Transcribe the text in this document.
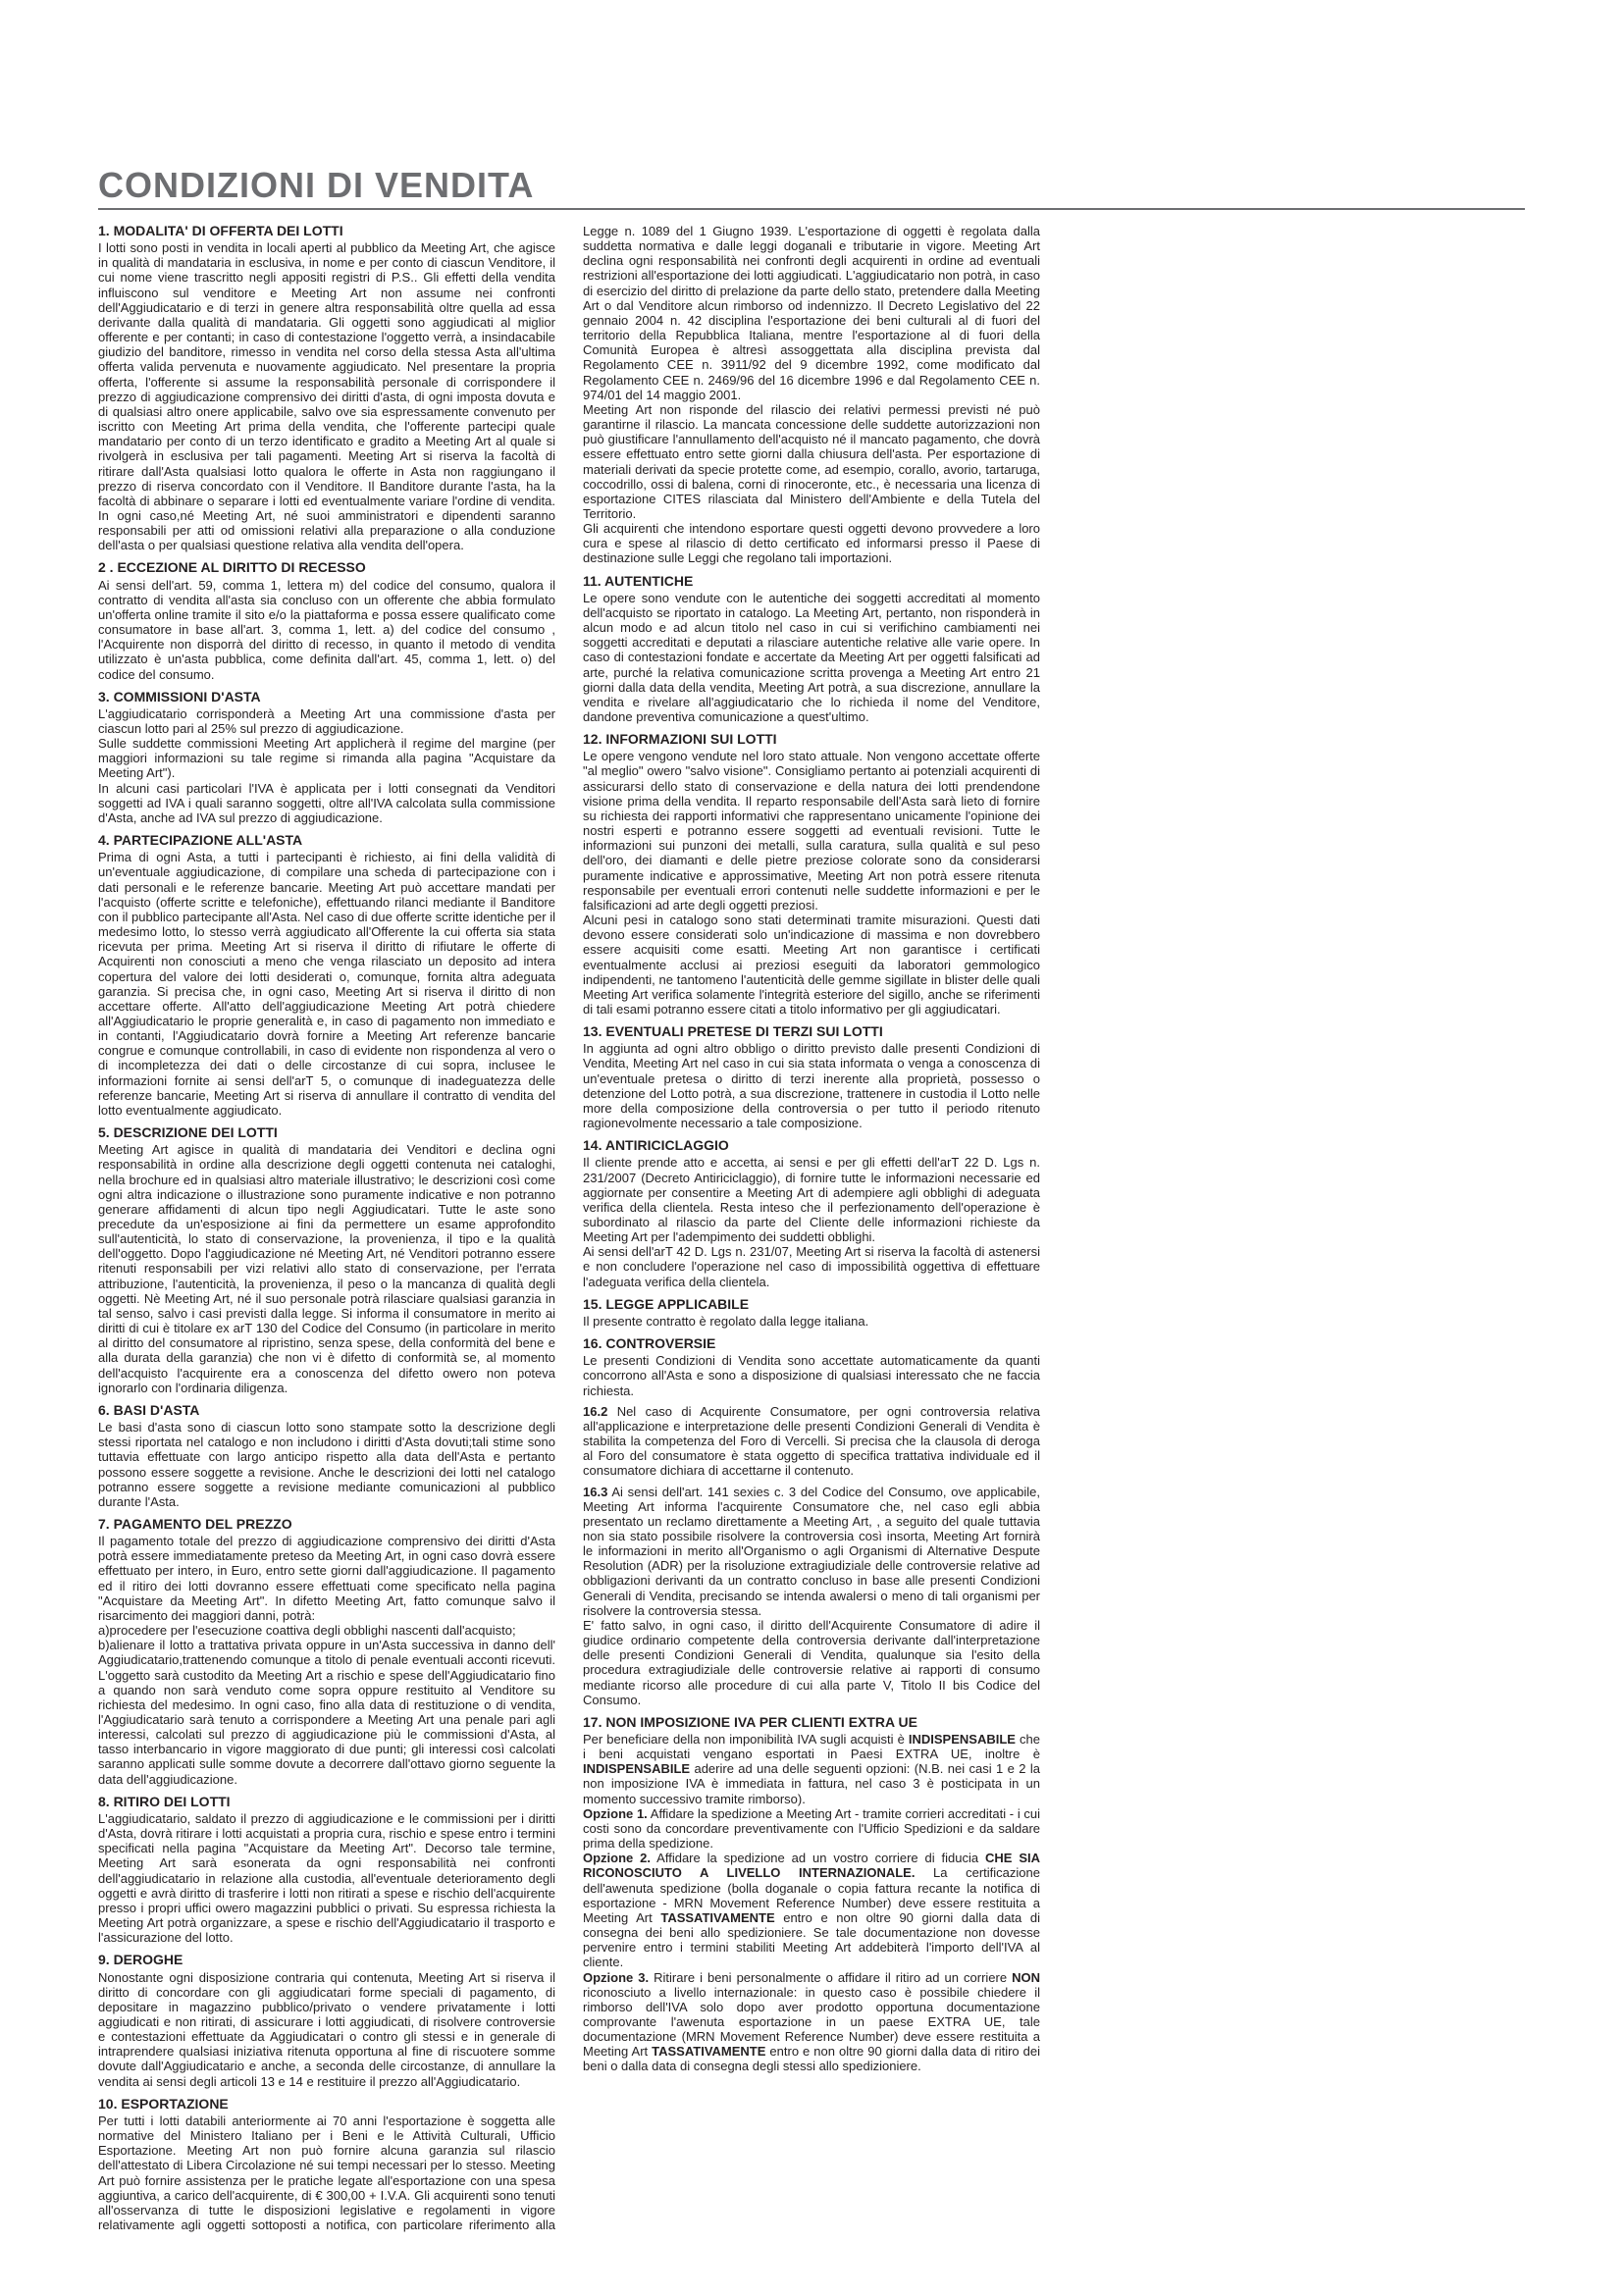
CONDIZIONI DI VENDITA
1. MODALITA' DI OFFERTA DEI LOTTI

I lotti sono posti in vendita in locali aperti al pubblico da Meeting Art, che agisce in qualità di mandataria in esclusiva, in nome e per conto di ciascun Venditore, il cui nome viene trascritto negli appositi registri di P.S.. Gli effetti della vendita influiscono sul venditore e Meeting Art non assume nei confronti dell'Aggiudicatario e di terzi in genere altra responsabilità oltre quella ad essa derivante dalla qualità di mandataria. Gli oggetti sono aggiudicati al miglior offerente e per contanti; in caso di contestazione l'oggetto verrà, a insindacabile giudizio del banditore, rimesso in vendita nel corso della stessa Asta all'ultima offerta valida pervenuta e nuovamente aggiudicato. Nel presentare la propria offerta, l'offerente si assume la responsabilità personale di corrispondere il prezzo di aggiudicazione comprensivo dei diritti d'asta, di ogni imposta dovuta e di qualsiasi altro onere applicabile, salvo ove sia espressamente convenuto per iscritto con Meeting Art prima della vendita, che l'offerente partecipi quale mandatario per conto di un terzo identificato e gradito a Meeting Art al quale si rivolgerà in esclusiva per tali pagamenti. Meeting Art si riserva la facoltà di ritirare dall'Asta qualsiasi lotto qualora le offerte in Asta non raggiungano il prezzo di riserva concordato con il Venditore. Il Banditore durante l'asta, ha la facoltà di abbinare o separare i lotti ed eventualmente variare l'ordine di vendita. In ogni caso,né Meeting Art, né suoi amministratori e dipendenti saranno responsabili per atti od omissioni relativi alla preparazione o alla conduzione dell'asta o per qualsiasi questione relativa alla vendita dell'opera.

2 . ECCEZIONE AL DIRITTO DI RECESSO

Ai sensi dell'art. 59, comma 1, lettera m) del codice del consumo, qualora il contratto di vendita all'asta sia concluso con un offerente che abbia formulato un'offerta online tramite il sito e/o la piattaforma e possa essere qualificato come consumatore in base all'art. 3, comma 1, lett. a) del codice del consumo , l'Acquirente non disporrà del diritto di recesso, in quanto il metodo di vendita utilizzato è un'asta pubblica, come definita dall'art. 45, comma 1, lett. o) del codice del consumo.

3. COMMISSIONI D'ASTA

L'aggiudicatario corrisponderà a Meeting Art una commissione d'asta per ciascun lotto pari al 25% sul prezzo di aggiudicazione.

Sulle suddette commissioni Meeting Art applicherà il regime del margine (per maggiori informazioni su tale regime si rimanda alla pagina "Acquistare da Meeting Art").

In alcuni casi particolari l'IVA è applicata per i lotti consegnati da Venditori soggetti ad IVA i quali saranno soggetti, oltre all'IVA calcolata sulla commissione d'Asta, anche ad IVA sul prezzo di aggiudicazione.

4. PARTECIPAZIONE ALL'ASTA

Prima di ogni Asta, a tutti i partecipanti è richiesto, ai fini della validità di un'eventuale aggiudicazione, di compilare una scheda di partecipazione con i dati personali e le referenze bancarie. Meeting Art può accettare mandati per l'acquisto (offerte scritte e telefoniche), effettuando rilanci mediante il Banditore con il pubblico partecipante all'Asta. Nel caso di due offerte scritte identiche per il medesimo lotto, lo stesso verrà aggiudicato all'Offerente la cui offerta sia stata ricevuta per prima. Meeting Art si riserva il diritto di rifiutare le offerte di Acquirenti non conosciuti a meno che venga rilasciato un deposito ad intera copertura del valore dei lotti desiderati o, comunque, fornita altra adeguata garanzia. Si precisa che, in ogni caso, Meeting Art si riserva il diritto di non accettare offerte. All'atto dell'aggiudicazione Meeting Art potrà chiedere all'Aggiudicatario le proprie generalità e, in caso di pagamento non immediato e in contanti, l'Aggiudicatario dovrà fornire a Meeting Art referenze bancarie congrue e comunque controllabili, in caso di evidente non rispondenza al vero o di incompletezza dei dati o delle circostanze di cui sopra, inclusee le informazioni fornite ai sensi dell'arT 5, o comunque di inadeguatezza delle referenze bancarie, Meeting Art si riserva di annullare il contratto di vendita del lotto eventualmente aggiudicato.

5. DESCRIZIONE DEI LOTTI

Meeting Art agisce in qualità di mandataria dei Venditori e declina ogni responsabilità in ordine alla descrizione degli oggetti contenuta nei cataloghi, nella brochure ed in qualsiasi altro materiale illustrativo; le descrizioni così come ogni altra indicazione o illustrazione sono puramente indicative e non potranno generare affidamenti di alcun tipo negli Aggiudicatari. Tutte le aste sono precedute da un'esposizione ai fini da permettere un esame approfondito sull'autenticità, lo stato di conservazione, la provenienza, il tipo e la qualità dell'oggetto. Dopo l'aggiudicazione né Meeting Art, né Venditori potranno essere ritenuti responsabili per vizi relativi allo stato di conservazione, per l'errata attribuzione, l'autenticità, la provenienza, il peso o la mancanza di qualità degli oggetti. Nè Meeting Art, né il suo personale potrà rilasciare qualsiasi garanzia in tal senso, salvo i casi previsti dalla legge. Si informa il consumatore in merito ai diritti di cui è titolare ex arT 130 del Codice del Consumo (in particolare in merito al diritto del consumatore al ripristino, senza spese, della conformità del bene e alla durata della garanzia) che non vi è difetto di conformità se, al momento dell'acquisto l'acquirente era a conoscenza del difetto owero non poteva ignorarlo con l'ordinaria diligenza.

6. BASI D'ASTA

Le basi d'asta sono di ciascun lotto sono stampate sotto la descrizione degli stessi riportata nel catalogo e non includono i diritti d'Asta dovuti;tali stime sono tuttavia effettuate con largo anticipo rispetto alla data dell'Asta e pertanto possono essere soggette a revisione. Anche le descrizioni dei lotti nel catalogo potranno essere soggette a revisione mediante comunicazioni al pubblico durante l'Asta.

7. PAGAMENTO DEL PREZZO

Il pagamento totale del prezzo di aggiudicazione comprensivo dei diritti d'Asta potrà essere immediatamente preteso da Meeting Art, in ogni caso dovrà essere effettuato per intero, in Euro, entro sette giorni dall'aggiudicazione. Il pagamento ed il ritiro dei lotti dovranno essere effettuati come specificato nella pagina "Acquistare da Meeting Art". In difetto Meeting Art, fatto comunque salvo il risarcimento dei maggiori danni, potrà:

a)procedere per l'esecuzione coattiva degli obblighi nascenti dall'acquisto;

b)alienare il lotto a trattativa privata oppure in un'Asta successiva in danno dell' Aggiudicatario,trattenendo comunque a titolo di penale eventuali acconti ricevuti. L'oggetto sarà custodito da Meeting Art a rischio e spese dell'Aggiudicatario fino a quando non sarà venduto come sopra oppure restituito al Venditore su richiesta del medesimo. In ogni caso, fino alla data di restituzione o di vendita, l'Aggiudicatario sarà tenuto a corrispondere a Meeting Art una penale pari agli interessi, calcolati sul prezzo di aggiudicazione più le commissioni d'Asta, al tasso interbancario in vigore maggiorato di due punti; gli interessi così calcolati saranno applicati sulle somme dovute a decorrere dall'ottavo giorno seguente la data dell'aggiudicazione.

8. RITIRO DEI LOTTI

L'aggiudicatario, saldato il prezzo di aggiudicazione e le commissioni per i diritti d'Asta, dovrà ritirare i lotti acquistati a propria cura, rischio e spese entro i termini specificati nella pagina "Acquistare da Meeting Art". Decorso tale termine, Meeting Art sarà esonerata da ogni responsabilità nei confronti dell'aggiudicatario in relazione alla custodia, all'eventuale deterioramento degli oggetti e avrà diritto di trasferire i lotti non ritirati a spese e rischio dell'acquirente presso i propri uffici owero magazzini pubblici o privati. Su espressa richiesta la Meeting Art potrà organizzare, a spese e rischio dell'Aggiudicatario il trasporto e l'assicurazione del lotto.

9. DEROGHE

Nonostante ogni disposizione contraria qui contenuta, Meeting Art si riserva il diritto di concordare con gli aggiudicatari forme speciali di pagamento, di depositare in magazzino pubblico/privato o vendere privatamente i lotti aggiudicati e non ritirati, di assicurare i lotti aggiudicati, di risolvere controversie e contestazioni effettuate da Aggiudicatari o contro gli stessi e in generale di intraprendere qualsiasi iniziativa ritenuta opportuna al fine di riscuotere somme dovute dall'Aggiudicatario e anche, a seconda delle circostanze, di annullare la vendita ai sensi degli articoli 13 e 14 e restituire il prezzo all'Aggiudicatario.

10. ESPORTAZIONE

Per tutti i lotti databili anteriormente ai 70 anni l'esportazione è soggetta alle normative del Ministero Italiano per i Beni e le Attività Culturali, Ufficio Esportazione. Meeting Art non può fornire alcuna garanzia sul rilascio dell'attestato di Libera Circolazione né sui tempi necessari per lo stesso. Meeting Art può fornire assistenza per le pratiche legate all'esportazione con una spesa aggiuntiva, a carico dell'acquirente, di € 300,00 + I.V.A. Gli acquirenti sono tenuti all'osservanza di tutte le disposizioni legislative e regolamenti in vigore relativamente agli oggetti sottoposti a notifica, con particolare riferimento alla Legge n. 1089 del 1 Giugno 1939. L'esportazione di oggetti è regolata dalla suddetta normativa e dalle leggi doganali e tributarie in vigore. Meeting Art declina ogni responsabilità nei confronti degli acquirenti in ordine ad eventuali restrizioni all'esportazione dei lotti aggiudicati. L'aggiudicatario non potrà, in caso di esercizio del diritto di prelazione da parte dello stato, pretendere dalla Meeting Art o dal Venditore alcun rimborso od indennizzo. Il Decreto Legislativo del 22 gennaio 2004 n. 42 disciplina l'esportazione dei beni culturali al di fuori del territorio della Repubblica Italiana, mentre l'esportazione al di fuori della Comunità Europea è altresì assoggettata alla disciplina prevista dal Regolamento CEE n. 3911/92 del 9 dicembre 1992, come modificato dal Regolamento CEE n. 2469/96 del 16 dicembre 1996 e dal Regolamento CEE n. 974/01 del 14 maggio 2001.

Meeting Art non risponde del rilascio dei relativi permessi previsti né può garantirne il rilascio. La mancata concessione delle suddette autorizzazioni non può giustificare l'annullamento dell'acquisto né il mancato pagamento, che dovrà essere effettuato entro sette giorni dalla chiusura dell'asta. Per esportazione di materiali derivati da specie protette come, ad esempio, corallo, avorio, tartaruga, coccodrillo, ossi di balena, corni di rinoceronte, etc., è necessaria una licenza di esportazione CITES rilasciata dal Ministero dell'Ambiente e della Tutela del Territorio.

Gli acquirenti che intendono esportare questi oggetti devono provvedere a loro cura e spese al rilascio di detto certificato ed informarsi presso il Paese di destinazione sulle Leggi che regolano tali importazioni.

11. AUTENTICHE

Le opere sono vendute con le autentiche dei soggetti accreditati al momento dell'acquisto se riportato in catalogo. La Meeting Art, pertanto, non risponderà in alcun modo e ad alcun titolo nel caso in cui si verifichino cambiamenti nei soggetti accreditati e deputati a rilasciare autentiche relative alle varie opere. In caso di contestazioni fondate e accertate da Meeting Art per oggetti falsificati ad arte, purché la relativa comunicazione scritta provenga a Meeting Art entro 21 giorni dalla data della vendita, Meeting Art potrà, a sua discrezione, annullare la vendita e rivelare all'aggiudicatario che lo richieda il nome del Venditore, dandone preventiva comunicazione a quest'ultimo.

12. INFORMAZIONI SUI LOTTI

Le opere vengono vendute nel loro stato attuale. Non vengono accettate offerte "al meglio" owero "salvo visione". Consigliamo pertanto ai potenziali acquirenti di assicurarsi dello stato di conservazione e della natura dei lotti prendendone visione prima della vendita. Il reparto responsabile dell'Asta sarà lieto di fornire su richiesta dei rapporti informativi che rappresentano unicamente l'opinione dei nostri esperti e potranno essere soggetti ad eventuali revisioni. Tutte le informazioni sui punzoni dei metalli, sulla caratura, sulla qualità e sul peso dell'oro, dei diamanti e delle pietre preziose colorate sono da considerarsi puramente indicative e approssimative, Meeting Art non potrà essere ritenuta responsabile per eventuali errori contenuti nelle suddette informazioni e per le falsificazioni ad arte degli oggetti preziosi.

Alcuni pesi in catalogo sono stati determinati tramite misurazioni. Questi dati devono essere considerati solo un'indicazione di massima e non dovrebbero essere acquisiti come esatti. Meeting Art non garantisce i certificati eventualmente acclusi ai preziosi eseguiti da laboratori gemmologico indipendenti, ne tantomeno l'autenticità delle gemme sigillate in blister delle quali Meeting Art verifica solamente l'integrità esteriore del sigillo, anche se riferimenti di tali esami potranno essere citati a titolo informativo per gli aggiudicatari.

13. EVENTUALI PRETESE DI TERZI SUI LOTTI

In aggiunta ad ogni altro obbligo o diritto previsto dalle presenti Condizioni di Vendita, Meeting Art nel caso in cui sia stata informata o venga a conoscenza di un'eventuale pretesa o diritto di terzi inerente alla proprietà, possesso o detenzione del Lotto potrà, a sua discrezione, trattenere in custodia il Lotto nelle more della composizione della controversia o per tutto il periodo ritenuto ragionevolmente necessario a tale composizione.

14. ANTIRICICLAGGIO

Il cliente prende atto e accetta, ai sensi e per gli effetti dell'arT 22 D. Lgs n. 231/2007 (Decreto Antiriciclaggio), di fornire tutte le informazioni necessarie ed aggiornate per consentire a Meeting Art di adempiere agli obblighi di adeguata verifica della clientela. Resta inteso che il perfezionamento dell'operazione è subordinato al rilascio da parte del Cliente delle informazioni richieste da Meeting Art per l'adempimento dei suddetti obblighi.

Ai sensi dell'arT 42 D. Lgs n. 231/07, Meeting Art si riserva la facoltà di astenersi e non concludere l'operazione nel caso di impossibilità oggettiva di effettuare l'adeguata verifica della clientela.

15. LEGGE APPLICABILE

Il presente contratto è regolato dalla legge italiana.

16. CONTROVERSIE

Le presenti Condizioni di Vendita sono accettate automaticamente da quanti concorrono all'Asta e sono a disposizione di qualsiasi interessato che ne faccia richiesta.

16.2 Nel caso di Acquirente Consumatore, per ogni controversia relativa all'applicazione e interpretazione delle presenti Condizioni Generali di Vendita è stabilita la competenza del Foro di Vercelli. Si precisa che la clausola di deroga al Foro del consumatore è stata oggetto di specifica trattativa individuale ed il consumatore dichiara di accettarne il contenuto.

16.3 Ai sensi dell'art. 141 sexies c. 3 del Codice del Consumo, ove applicabile, Meeting Art informa l'acquirente Consumatore che, nel caso egli abbia presentato un reclamo direttamente a Meeting Art, , a seguito del quale tuttavia non sia stato possibile risolvere la controversia così insorta, Meeting Art fornirà le informazioni in merito all'Organismo o agli Organismi di Alternative Despute Resolution (ADR) per la risoluzione extragiudiziale delle controversie relative ad obbligazioni derivanti da un contratto concluso in base alle presenti Condizioni Generali di Vendita, precisando se intenda awalersi o meno di tali organismi per risolvere la controversia stessa.

E' fatto salvo, in ogni caso, il diritto dell'Acquirente Consumatore di adire il giudice ordinario competente della controversia derivante dall'interpretazione delle presenti Condizioni Generali di Vendita, qualunque sia l'esito della procedura extragiudiziale delle controversie relative ai rapporti di consumo mediante ricorso alle procedure di cui alla parte V, Titolo II bis Codice del Consumo.

17. NON IMPOSIZIONE IVA PER CLIENTI EXTRA UE

Per beneficiare della non imponibilità IVA sugli acquisti è INDISPENSABILE che i beni acquistati vengano esportati in Paesi EXTRA UE, inoltre è INDISPENSABILE aderire ad una delle seguenti opzioni: (N.B. nei casi 1 e 2 la non imposizione IVA è immediata in fattura, nel caso 3 è posticipata in un momento successivo tramite rimborso).

Opzione 1. Affidare la spedizione a Meeting Art - tramite corrieri accreditati - i cui costi sono da concordare preventivamente con l'Ufficio Spedizioni e da saldare prima della spedizione.

Opzione 2. Affidare la spedizione ad un vostro corriere di fiducia CHE SIA RICONOSCIUTO A LIVELLO INTERNAZIONALE. La certificazione dell'awenuta spedizione (bolla doganale o copia fattura recante la notifica di esportazione - MRN Movement Reference Number) deve essere restituita a Meeting Art TASSATIVAMENTE entro e non oltre 90 giorni dalla data di consegna dei beni allo spedizioniere. Se tale documentazione non dovesse pervenire entro i termini stabiliti Meeting Art addebiterà l'importo dell'IVA al cliente.

Opzione 3. Ritirare i beni personalmente o affidare il ritiro ad un corriere NON riconosciuto a livello internazionale: in questo caso è possibile chiedere il rimborso dell'IVA solo dopo aver prodotto opportuna documentazione comprovante l'awenuta esportazione in un paese EXTRA UE, tale documentazione (MRN Movement Reference Number) deve essere restituita a Meeting Art TASSATIVAMENTE entro e non oltre 90 giorni dalla data di ritiro dei beni o dalla data di consegna degli stessi allo spedizioniere.
